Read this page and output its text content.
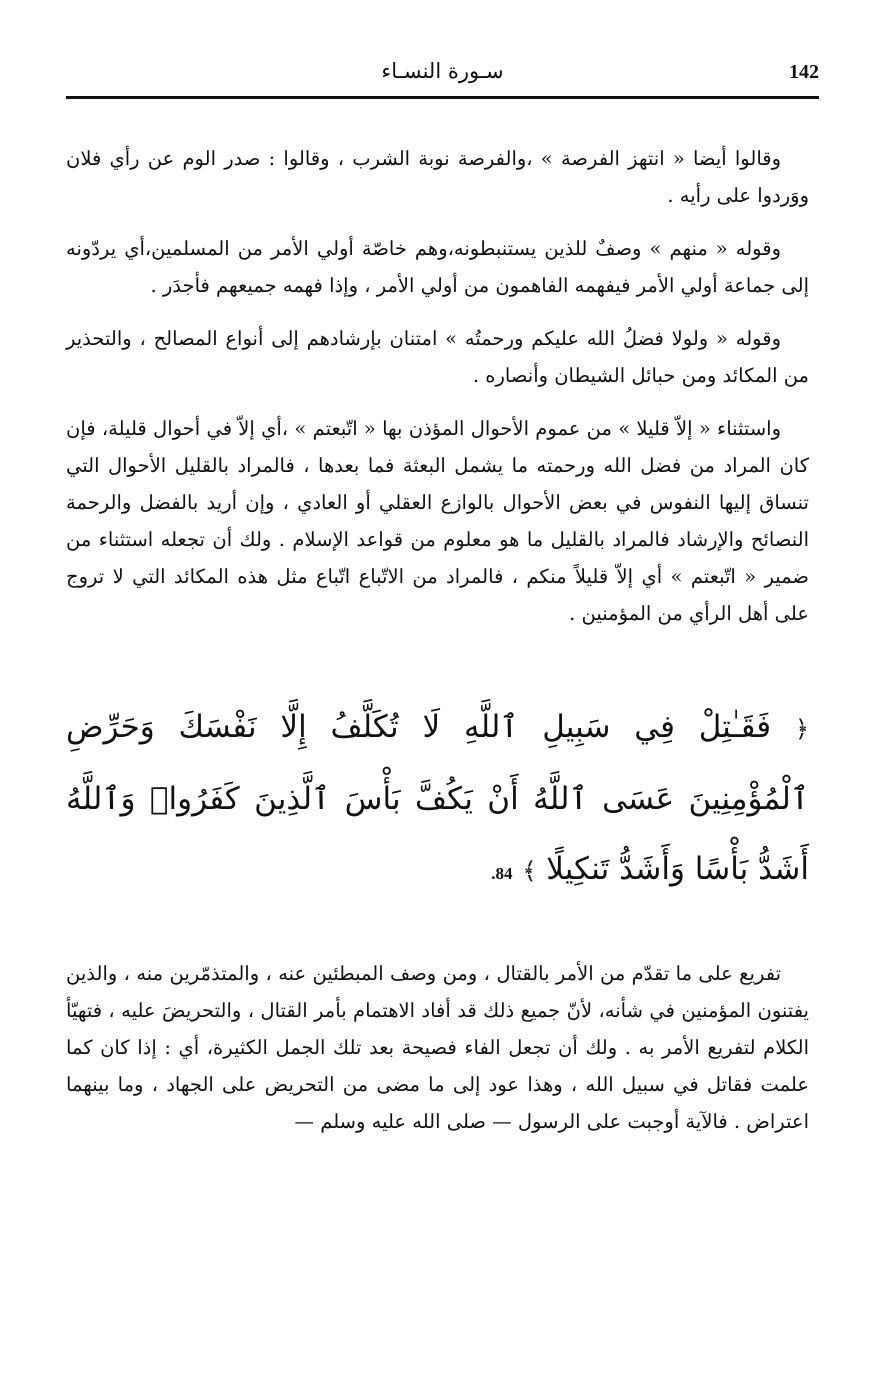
142
سـورة النسـاء

وقالوا أيضا « انتهز الفرصة » ،والفرصة نوبة الشرب ، وقالوا : صدر الوم عن رأي فلان ووَردوا على رأيه .

وقوله « منهم » وصفٌ للذين يستنبطونه،وهم خاصّة أولي الأمر من المسلمين،أي يردّونه إلى جماعة أولي الأمر فيفهمه الفاهمون من أولي الأمر ، وإذا فهمه جميعهم فأجدَر .

وقوله « ولولا فضلُ الله عليكم ورحمتُه » امتنان بإرشادهم إلى أنواع المصالح ، والتحذير من المكائد ومن حبائل الشيطان وأنصاره .

واستثناء « إلاّ قليلا » من عموم الأحوال المؤذن بها « اتّبعتم » ،أي إلاّ في أحوال قليلة، فإن كان المراد من فضل الله ورحمته ما يشمل البعثة فما بعدها ، فالمراد بالقليل الأحوال التي تنساق إليها النفوس في بعض الأحوال بالوازع العقلي أو العادي ، وإن أريد بالفضل والرحمة النصائح والإرشاد فالمراد بالقليل ما هو معلوم من قواعد الإسلام . ولك أن تجعله استثناء من ضمير « اتّبعتم » أي إلاّ قليلاً منكم ، فالمراد من الاتّباع اتّباع مثل هذه المكائد التي لا تروج على أهل الرأي من المؤمنين .

﴿ فَقَـٰتِلْ فِي سَبِيلِ ٱللَّهِ لَا تُكَلَّفُ إِلَّا نَفْسَكَ وَحَرِّضِ ٱلْمُؤْمِنِينَ عَسَى ٱللَّهُ أَنْ يَكُفَّ بَأْسَ ٱلَّذِينَ كَفَرُوا۟ وَٱللَّهُ أَشَدُّ بَأْسًا وَأَشَدُّ تَنكِيلًا ﴾ 84.

تفريع على ما تقدّم من الأمر بالقتال ، ومن وصف المبطئين عنه ، والمتذمّرين منه ، والذين يفتنون المؤمنين في شأنه، لأنّ جميع ذلك قد أفاد الاهتمام بأمر القتال ، والتحريضَ عليه ، فتهيّأ الكلام لتفريع الأمر به . ولك أن تجعل الفاء فصيحة بعد تلك الجمل الكثيرة، أي : إذا كان كما علمت فقاتل في سبيل الله ، وهذا عود إلى ما مضى من التحريض على الجهاد ، وما بينهما اعتراض . فالآية أوجبت على الرسول — صلى الله عليه وسلم —
